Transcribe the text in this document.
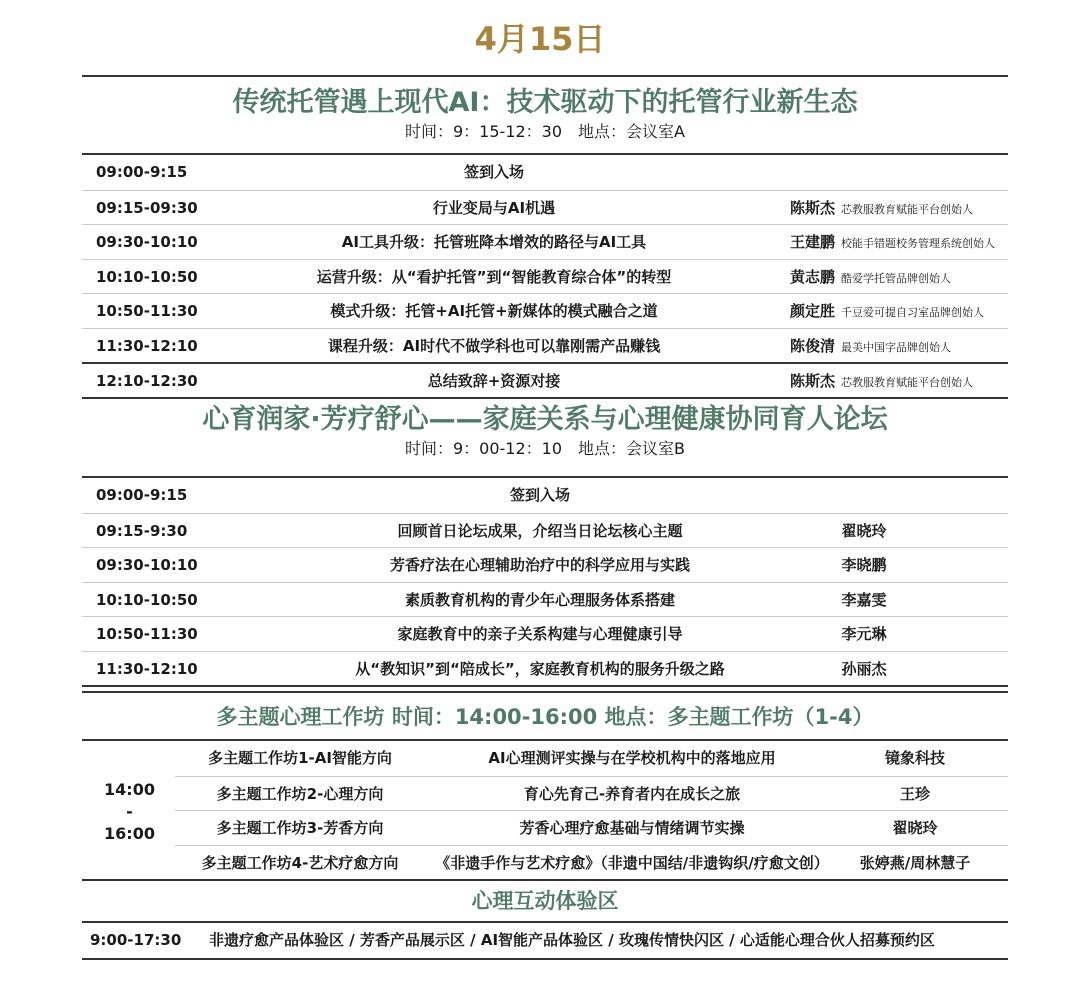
4月15日
传统托管遇上现代AI：技术驱动下的托管行业新生态
时间：9：15-12：30　地点：会议室A
09:00-9:15	签到入场
09:15-09:30	行业变局与AI机遇	陈斯杰 芯教服教育赋能平台创始人
09:30-10:10	AI工具升级：托管班降本增效的路径与AI工具	王建鹏 校能手错题校务管理系统创始人
10:10-10:50	运营升级：从“看护托管”到“智能教育综合体”的转型	黄志鹏 酷爱学托管品牌创始人
10:50-11:30	模式升级：托管+AI托管+新媒体的模式融合之道	颜定胜 千豆爱可提自习室品牌创始人
11:30-12:10	课程升级：AI时代不做学科也可以靠刚需产品赚钱	陈俊清 最美中国字品牌创始人
12:10-12:30	总结致辞+资源对接	陈斯杰 芯教服教育赋能平台创始人
心育润家·芳疗舒心——家庭关系与心理健康协同育人论坛
时间：9：00-12：10　地点：会议室B
09:00-9:15	签到入场
09:15-9:30	回顾首日论坛成果，介绍当日论坛核心主题	翟晓玲
09:30-10:10	芳香疗法在心理辅助治疗中的科学应用与实践	李晓鹏
10:10-10:50	素质教育机构的青少年心理服务体系搭建	李嘉雯
10:50-11:30	家庭教育中的亲子关系构建与心理健康引导	李元琳
11:30-12:10	从“教知识”到“陪成长”，家庭教育机构的服务升级之路	孙丽杰
多主题心理工作坊 时间：14:00-16:00 地点：多主题工作坊（1-4）
14:00
-
16:00
多主题工作坊1-AI智能方向	AI心理测评实操与在学校机构中的落地应用	镜象科技
多主题工作坊2-心理方向	育心先育己-养育者内在成长之旅	王珍
多主题工作坊3-芳香方向	芳香心理疗愈基础与情绪调节实操	翟晓玲
多主题工作坊4-艺术疗愈方向 《非遗手作与艺术疗愈》（非遗中国结/非遗钩织/疗愈文创） 张婷燕/周林慧子
心理互动体验区
9:00-17:30 非遗疗愈产品体验区 / 芳香产品展示区 / AI智能产品体验区 / 玫瑰传情快闪区 / 心适能心理合伙人招募预约区
